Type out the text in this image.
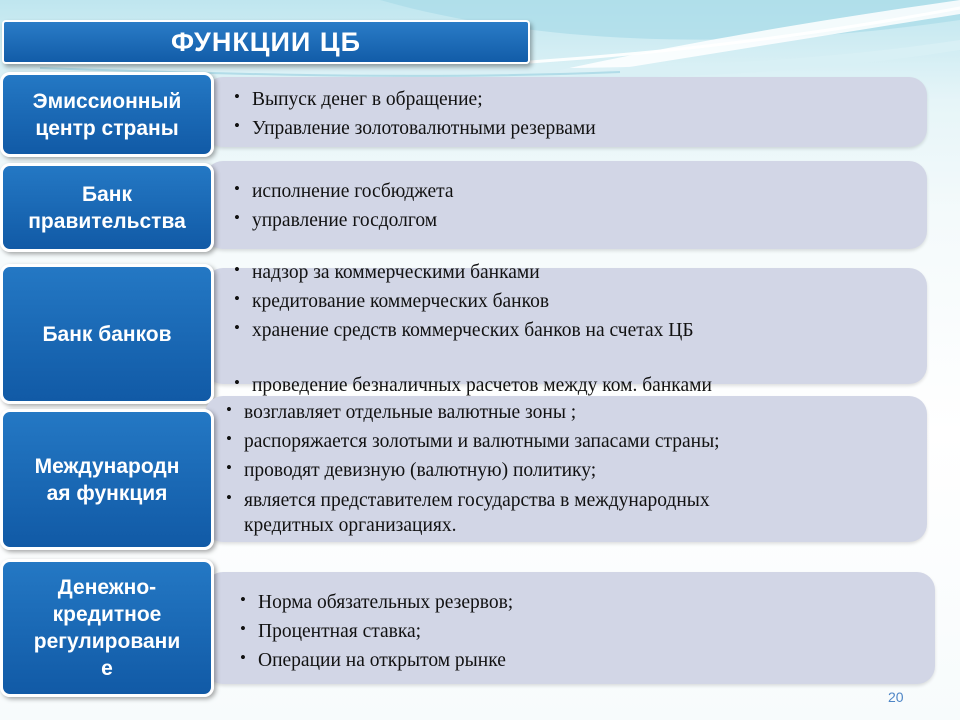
ФУНКЦИИ ЦБ
Эмиссионный
центр страны
• Выпуск денег в обращение;
• Управление золотовалютными резервами
Банк
правительства
• исполнение госбюджета
• управление госдолгом
Банк банков
• надзор за коммерческими банками
• кредитование коммерческих банков
• хранение средств коммерческих банков на счетах ЦБ
• проведение безналичных расчетов между ком. банками
Международн
ая функция
• возглавляет отдельные валютные зоны ;
• распоряжается золотыми и валютными запасами страны;
• проводят девизную (валютную) политику;
• является представителем государства в международных
кредитных организациях.
Денежно-
кредитное
регулировани
е
• Норма обязательных резервов;
• Процентная ставка;
• Операции на открытом рынке
20
